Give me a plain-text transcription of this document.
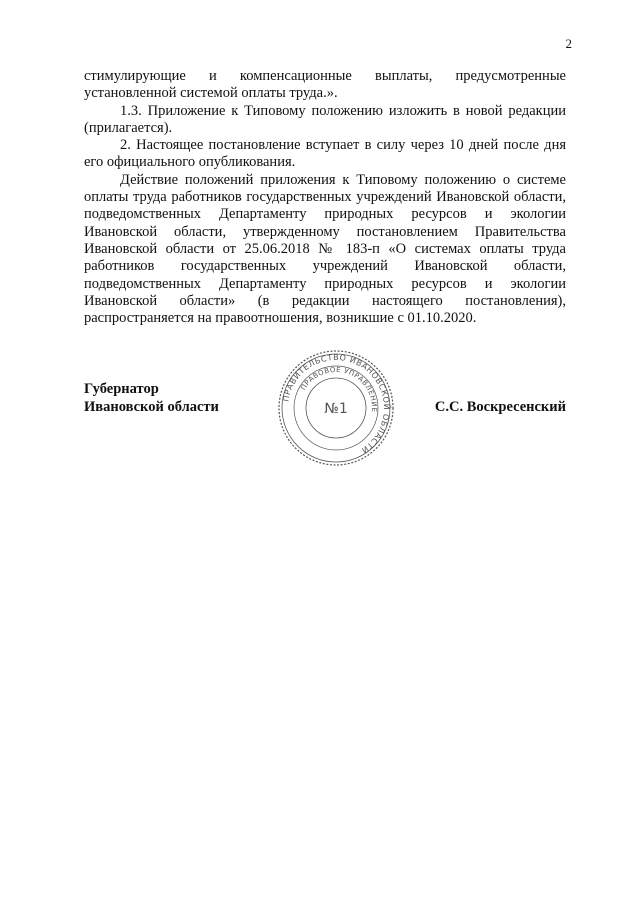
2

стимулирующие и компенсационные выплаты, предусмотренные установленной системой оплаты труда.».

1.3. Приложение к Типовому положению изложить в новой редакции (прилагается).

2. Настоящее постановление вступает в силу через 10 дней после дня его официального опубликования.

Действие положений приложения к Типовому положению о системе оплаты труда работников государственных учреждений Ивановской области, подведомственных Департаменту природных ресурсов и экологии Ивановской области, утвержденному постановлением Правительства Ивановской области от 25.06.2018 № 183-п «О системах оплаты труда работников государственных учреждений Ивановской области, подведомственных Департаменту природных ресурсов и экологии Ивановской области» (в редакции настоящего постановления), распространяется на правоотношения, возникшие с 01.10.2020.

Губернатор
Ивановской области
ПРАВИТЕЛЬСТВО ИВАНОВСКОЙ ОБЛАСТИ
ПРАВОВОЕ УПРАВЛЕНИЕ
№1	С.С. Воскресенский
